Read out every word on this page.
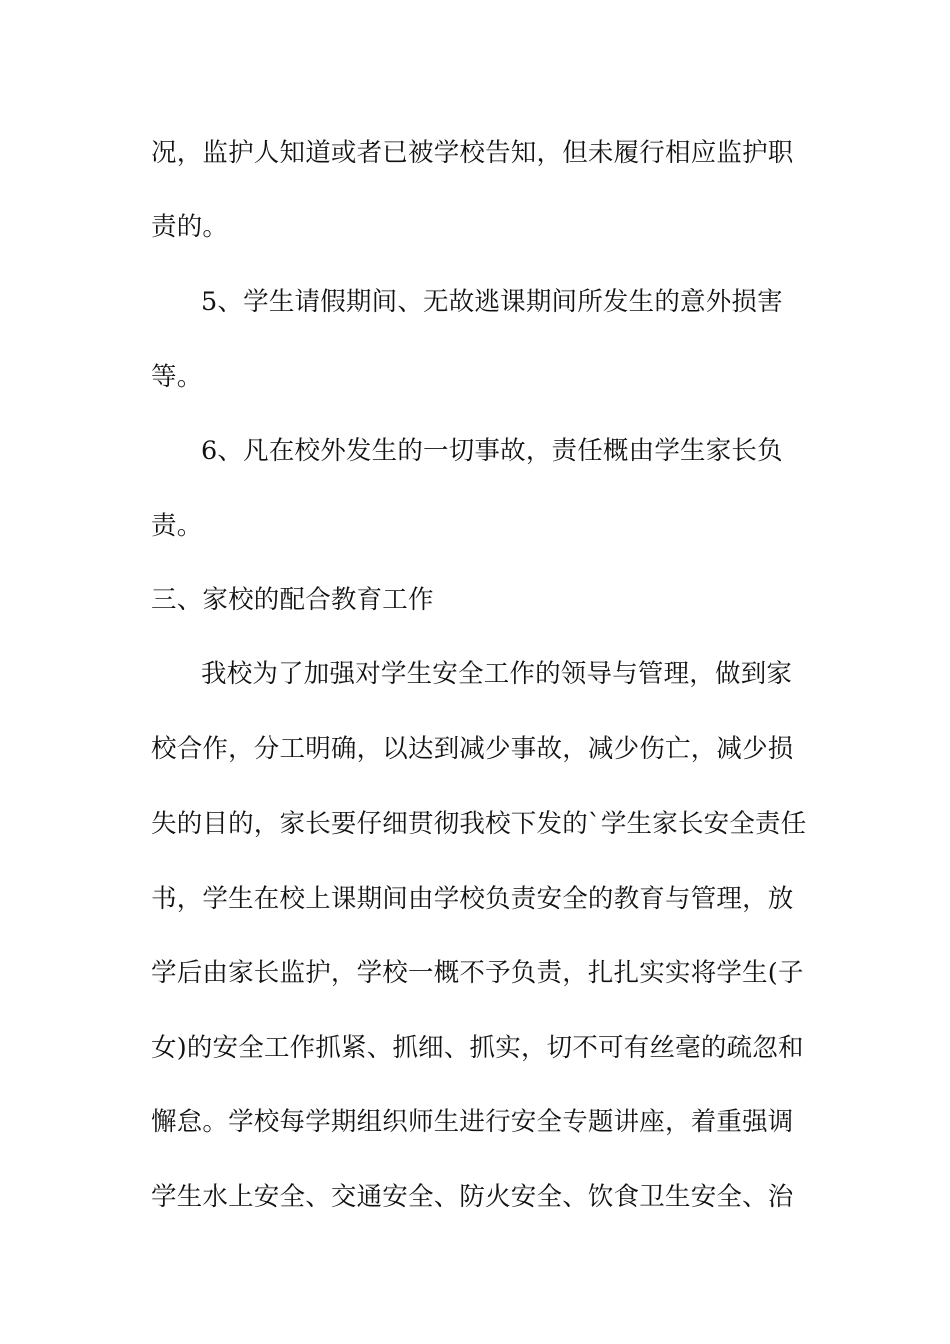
况，监护人知道或者已被学校告知，但未履行相应监护职
责的。
5、学生请假期间、无故逃课期间所发生的意外损害
等。
6、凡在校外发生的一切事故，责任概由学生家长负
责。
三、家校的配合教育工作
我校为了加强对学生安全工作的领导与管理，做到家
校合作，分工明确，以达到减少事故，减少伤亡，减少损
失的目的，家长要仔细贯彻我校下发的`学生家长安全责任
书，学生在校上课期间由学校负责安全的教育与管理，放
学后由家长监护，学校一概不予负责，扎扎实实将学生(子
女)的安全工作抓紧、抓细、抓实，切不可有丝毫的疏忽和
懈怠。学校每学期组织师生进行安全专题讲座，着重强调
学生水上安全、交通安全、防火安全、饮食卫生安全、治
